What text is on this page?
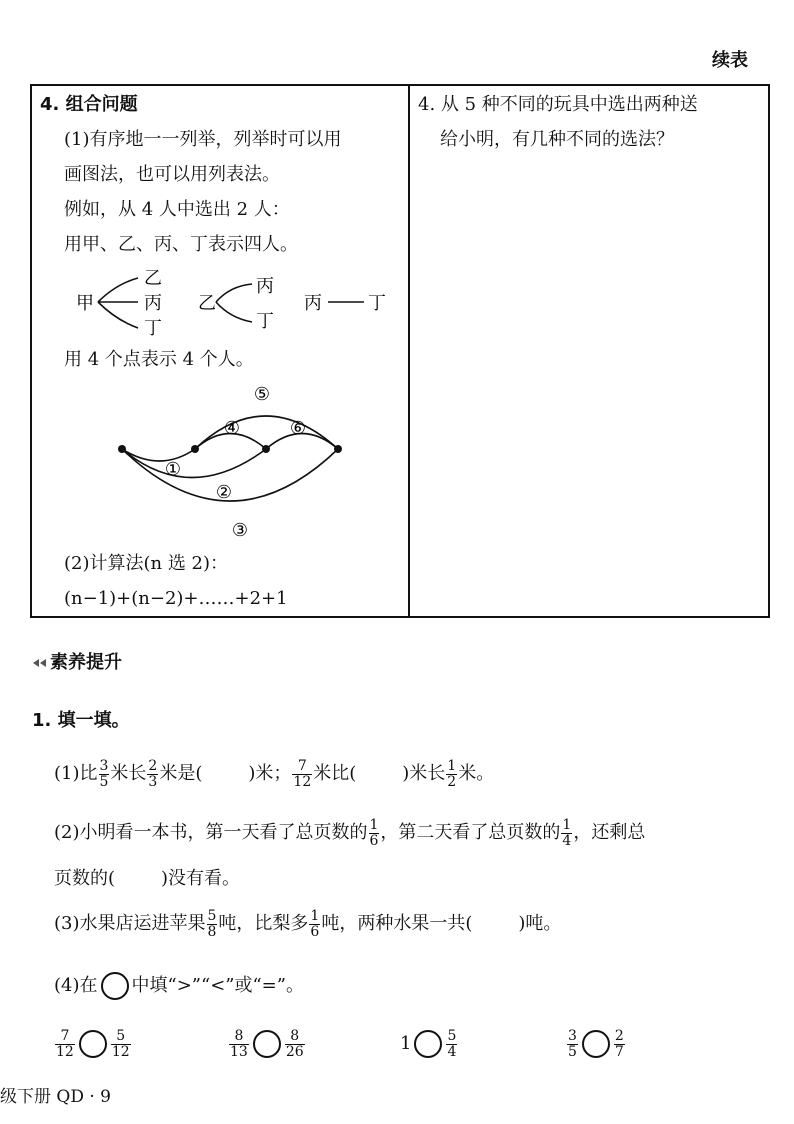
续表
4. 组合问题
(1)有序地一一列举，列举时可以用
画图法，也可以用列表法。
例如，从 4 人中选出 2 人：
用甲、乙、丙、丁表示四人。
甲
乙
丙
丁
乙
丙
丁
丙	丁
用 4 个点表示 4 个人。
①
②
③
④
⑤
⑥
(2)计算法(n 选 2)：
(n−1)+(n−2)+……+2+1
4. 从 5 种不同的玩具中选出两种送
给小明，有几种不同的选法？
素养提升
1. 填一填。
(1)比 $\frac{3}{5}$ 米长 $\frac{2}{3}$ 米是(	)米； $\frac{7}{12}$ 米比(	)米长 $\frac{1}{2}$ 米。
(2)小明看一本书，第一天看了总页数的 $\frac{1}{6}$ ，第二天看了总页数的 $\frac{1}{4}$ ，还剩总
页数的(	)没有看。
(3)水果店运进苹果 $\frac{5}{8}$ 吨，比梨多 $\frac{1}{6}$ 吨，两种水果一共(	)吨。
(4)在 中填“>”“<”或“=”。
$\frac{7}{12}$	$\frac{5}{12}$	$\frac{8}{13}$	$\frac{8}{26}$	1	$\frac{5}{4}$	$\frac{3}{5}$	$\frac{2}{7}$
级下册 QD · 9
